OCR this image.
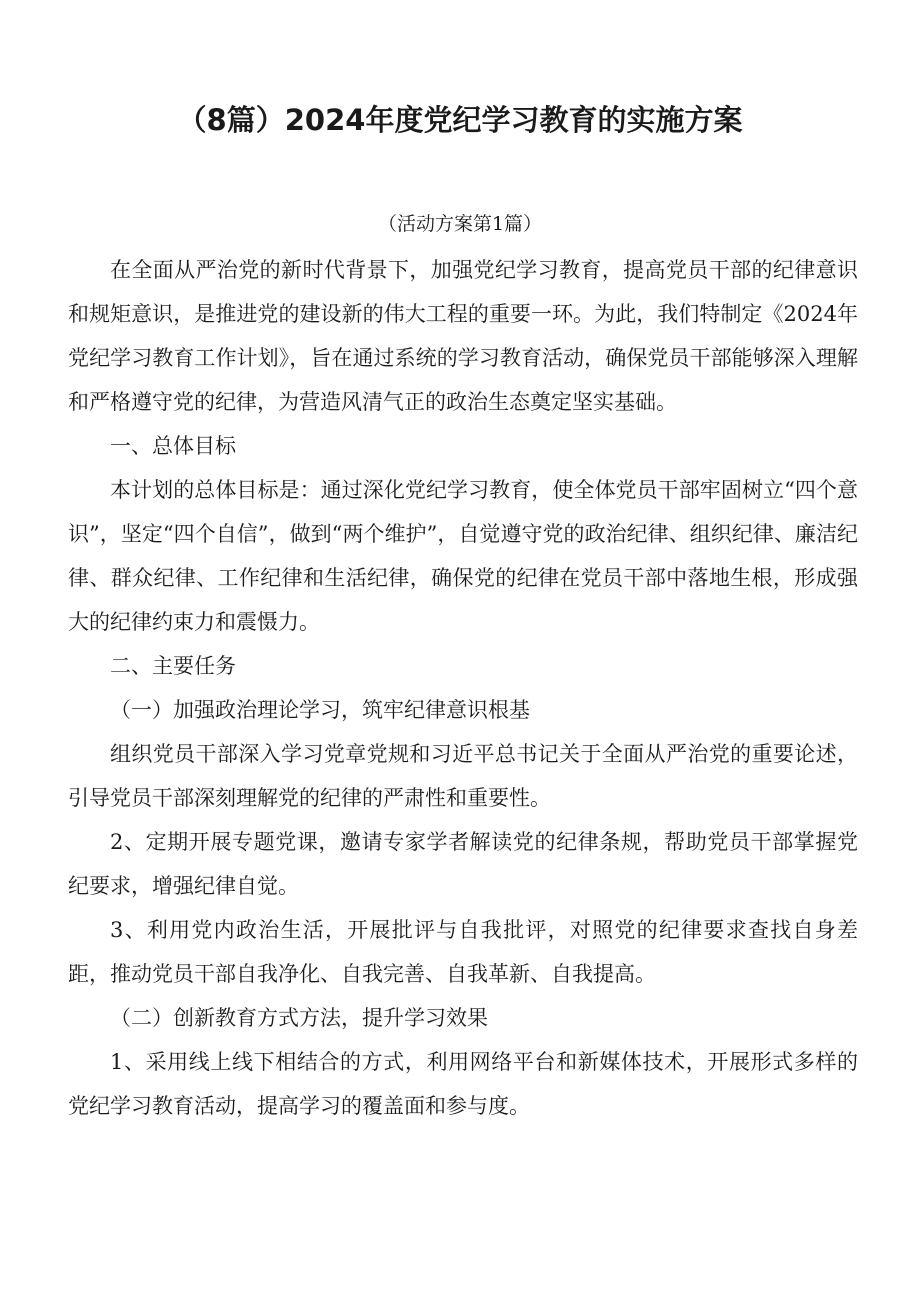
（8篇）2024年度党纪学习教育的实施方案
（活动方案第1篇）

在全面从严治党的新时代背景下，加强党纪学习教育，提高党员干部的纪律意识和规矩意识，是推进党的建设新的伟大工程的重要一环。为此，我们特制定《2024年党纪学习教育工作计划》，旨在通过系统的学习教育活动，确保党员干部能够深入理解和严格遵守党的纪律，为营造风清气正的政治生态奠定坚实基础。

一、总体目标

本计划的总体目标是：通过深化党纪学习教育，使全体党员干部牢固树立“四个意识”，坚定“四个自信”，做到“两个维护”，自觉遵守党的政治纪律、组织纪律、廉洁纪律、群众纪律、工作纪律和生活纪律，确保党的纪律在党员干部中落地生根，形成强大的纪律约束力和震慑力。

二、主要任务

（一）加强政治理论学习，筑牢纪律意识根基

组织党员干部深入学习党章党规和习近平总书记关于全面从严治党的重要论述，引导党员干部深刻理解党的纪律的严肃性和重要性。

2、定期开展专题党课，邀请专家学者解读党的纪律条规，帮助党员干部掌握党纪要求，增强纪律自觉。

3、利用党内政治生活，开展批评与自我批评，对照党的纪律要求查找自身差距，推动党员干部自我净化、自我完善、自我革新、自我提高。

（二）创新教育方式方法，提升学习效果

1、采用线上线下相结合的方式，利用网络平台和新媒体技术，开展形式多样的党纪学习教育活动，提高学习的覆盖面和参与度。
